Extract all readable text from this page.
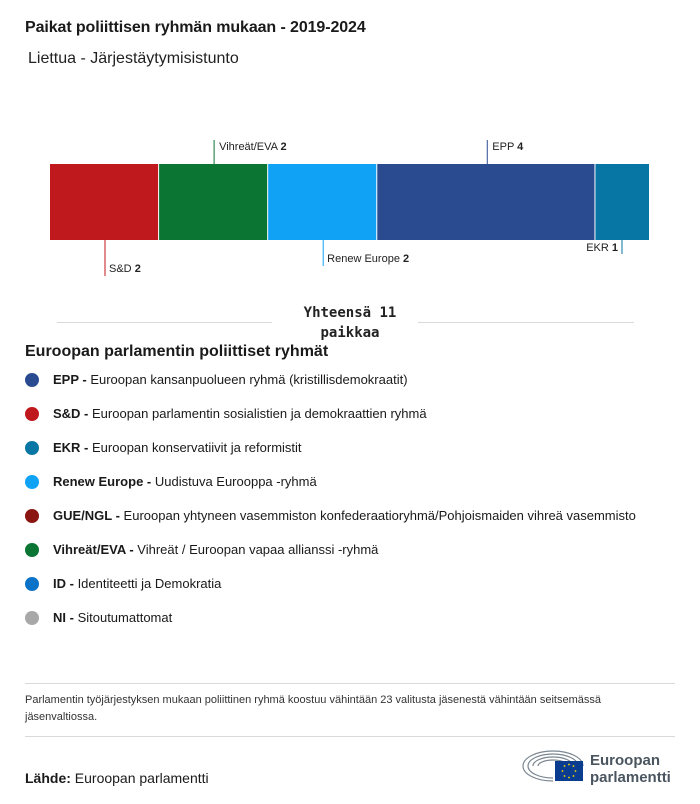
Paikat poliittisen ryhmän mukaan - 2019-2024
Liettua - Järjestäytymisistunto
S&D 2
Vihreät/EVA 2
Renew Europe 2
EPP 4
EKR 1
Yhteensä 11 paikkaa
Euroopan parlamentin poliittiset ryhmät
EPP - Euroopan kansanpuolueen ryhmä (kristillisdemokraatit)
S&D - Euroopan parlamentin sosialistien ja demokraattien ryhmä
EKR - Euroopan konservatiivit ja reformistit
Renew Europe - Uudistuva Eurooppa -ryhmä
GUE/NGL - Euroopan yhtyneen vasemmiston konfederaatioryhmä/Pohjoismaiden vihreä vasemmisto
Vihreät/EVA - Vihreät / Euroopan vapaa allianssi -ryhmä
ID - Identiteetti ja Demokratia
NI - Sitoutumattomat
Parlamentin työjärjestyksen mukaan poliittinen ryhmä koostuu vähintään 23 valitusta jäsenestä vähintään seitsemässä jäsenvaltiossa.
Lähde: Euroopan parlamentti
Euroopan
parlamentti
